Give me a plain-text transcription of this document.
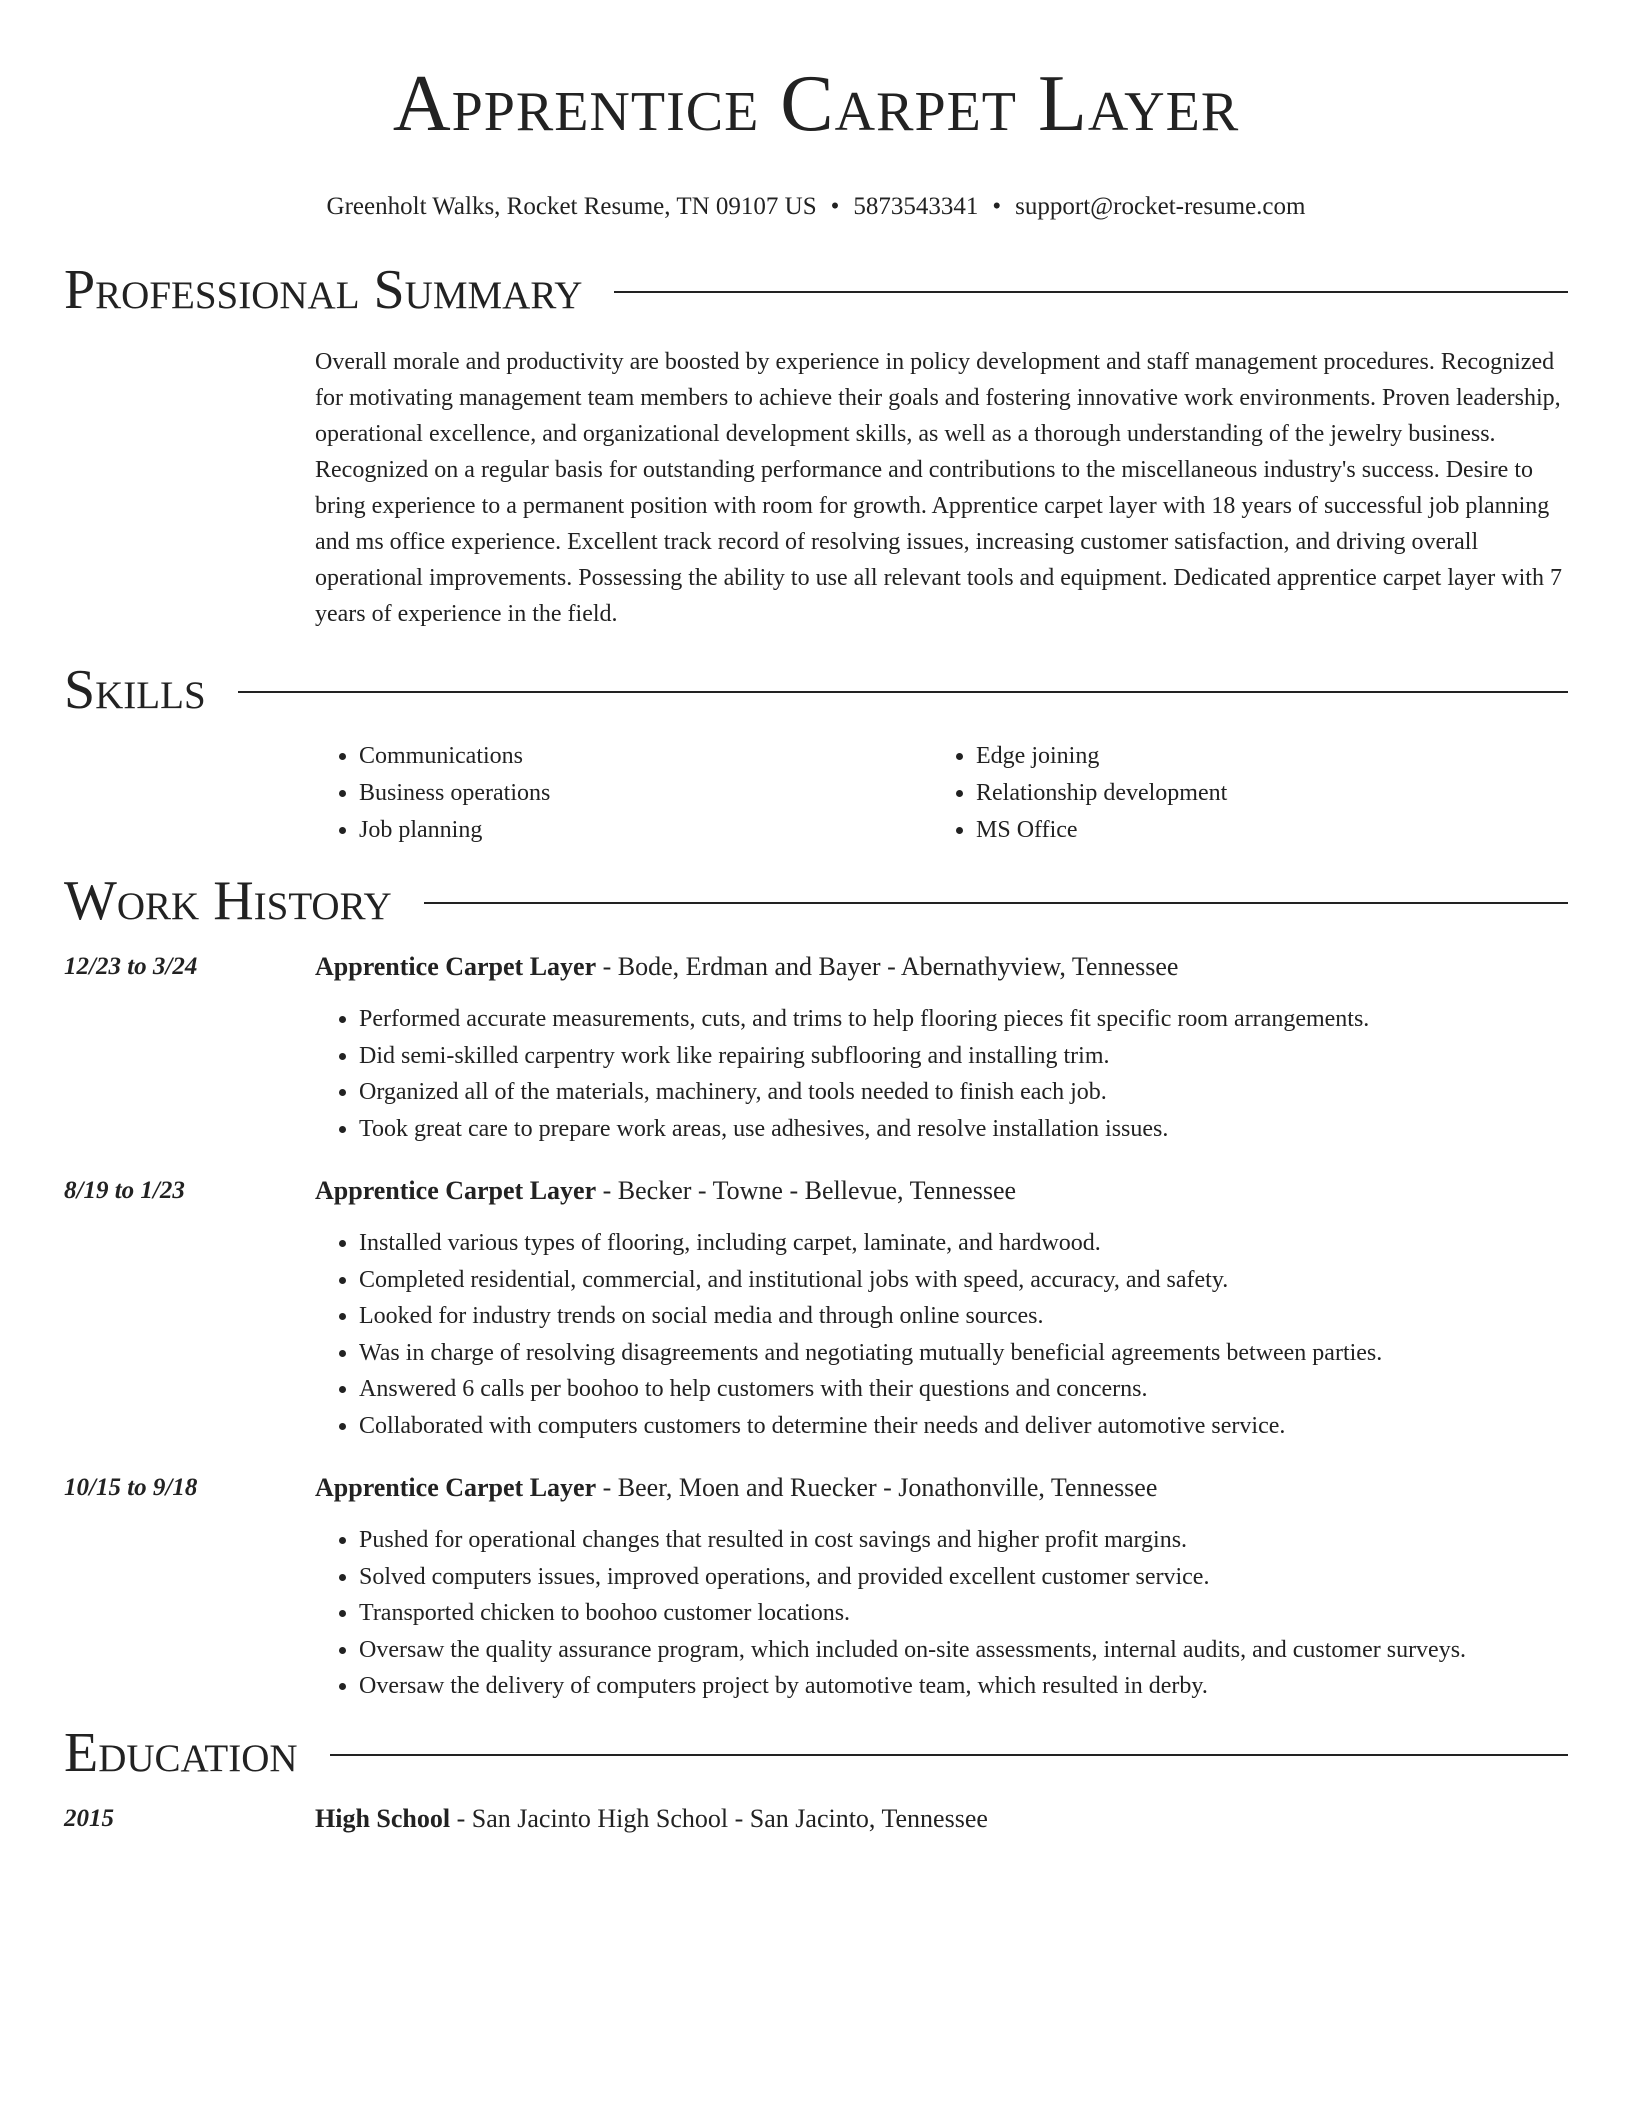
Apprentice Carpet Layer
Greenholt Walks, Rocket Resume, TN 09107 US • 5873543341 • support@rocket-resume.com
Professional Summary
Overall morale and productivity are boosted by experience in policy development and staff management procedures. Recognized for motivating management team members to achieve their goals and fostering innovative work environments. Proven leadership, operational excellence, and organizational development skills, as well as a thorough understanding of the jewelry business. Recognized on a regular basis for outstanding performance and contributions to the miscellaneous industry's success. Desire to bring experience to a permanent position with room for growth. Apprentice carpet layer with 18 years of successful job planning and ms office experience. Excellent track record of resolving issues, increasing customer satisfaction, and driving overall operational improvements. Possessing the ability to use all relevant tools and equipment. Dedicated apprentice carpet layer with 7 years of experience in the field.
Skills
• Communications
• Business operations
• Job planning
• Edge joining
• Relationship development
• MS Office
Work History
12/23 to 3/24	Apprentice Carpet Layer - Bode, Erdman and Bayer - Abernathyview, Tennessee
• Performed accurate measurements, cuts, and trims to help flooring pieces fit specific room arrangements.
• Did semi-skilled carpentry work like repairing subflooring and installing trim.
• Organized all of the materials, machinery, and tools needed to finish each job.
• Took great care to prepare work areas, use adhesives, and resolve installation issues.
8/19 to 1/23	Apprentice Carpet Layer - Becker - Towne - Bellevue, Tennessee
• Installed various types of flooring, including carpet, laminate, and hardwood.
• Completed residential, commercial, and institutional jobs with speed, accuracy, and safety.
• Looked for industry trends on social media and through online sources.
• Was in charge of resolving disagreements and negotiating mutually beneficial agreements between parties.
• Answered 6 calls per boohoo to help customers with their questions and concerns.
• Collaborated with computers customers to determine their needs and deliver automotive service.
10/15 to 9/18	Apprentice Carpet Layer - Beer, Moen and Ruecker - Jonathonville, Tennessee
• Pushed for operational changes that resulted in cost savings and higher profit margins.
• Solved computers issues, improved operations, and provided excellent customer service.
• Transported chicken to boohoo customer locations.
• Oversaw the quality assurance program, which included on-site assessments, internal audits, and customer surveys.
• Oversaw the delivery of computers project by automotive team, which resulted in derby.
Education
2015	High School - San Jacinto High School - San Jacinto, Tennessee
